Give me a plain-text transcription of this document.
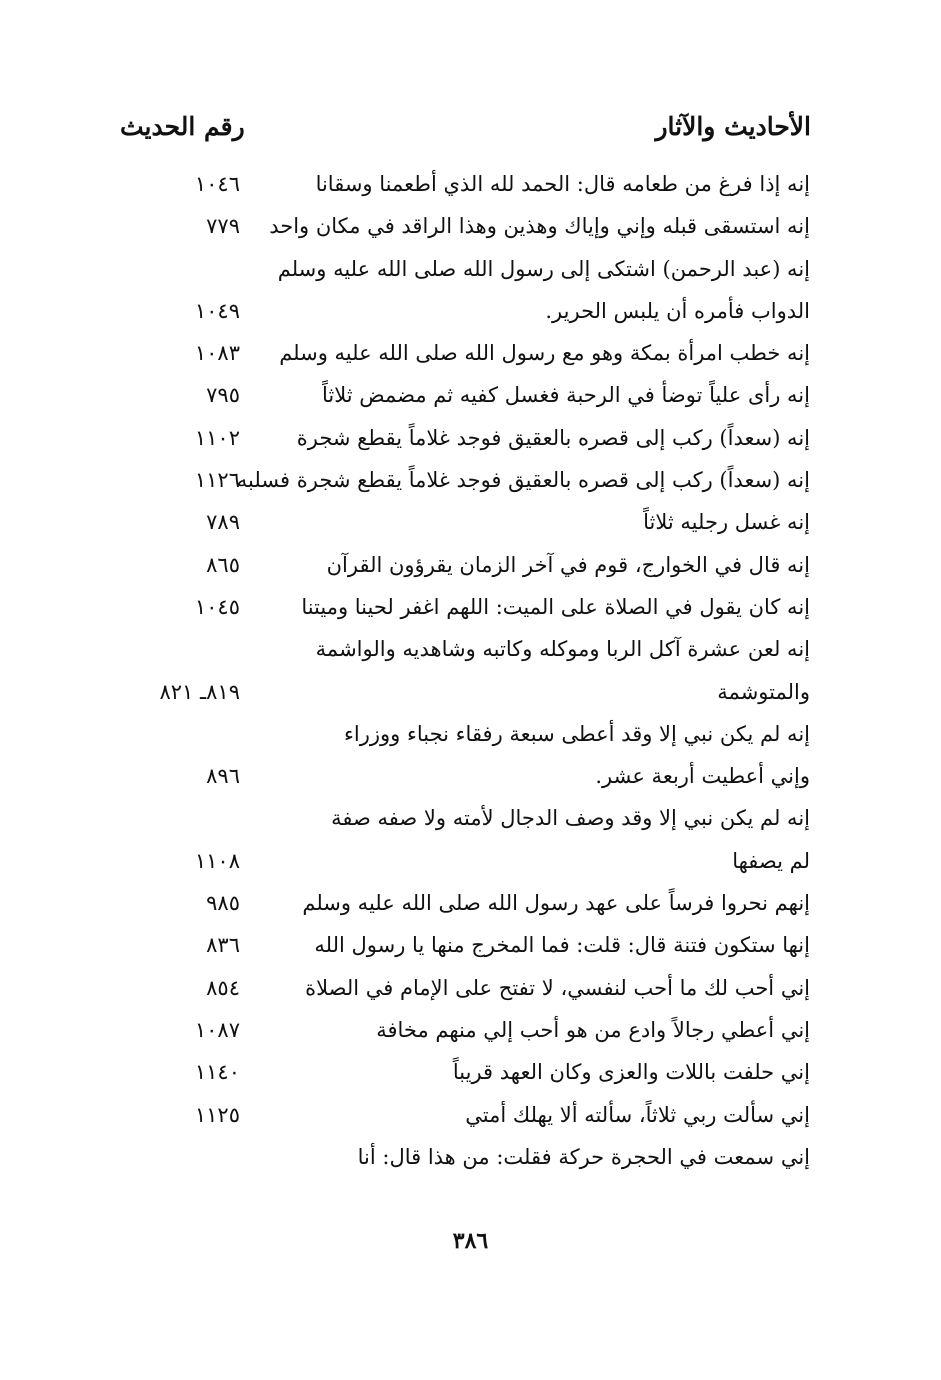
الأحاديث والآثار
رقم الحديث
إنه إذا فرغ من طعامه قال: الحمد لله الذي أطعمنا وسقانا
١٠٤٦
إنه استسقى قبله وإني وإياك وهذين وهذا الراقد في مكان واحد
٧٧٩
إنه (عبد الرحمن) اشتكى إلى رسول الله صلى الله عليه وسلم
الدواب فأمره أن يلبس الحرير.
١٠٤٩
إنه خطب امرأة بمكة وهو مع رسول الله صلى الله عليه وسلم
١٠٨٣
إنه رأى علياً توضأ في الرحبة فغسل كفيه ثم مضمض ثلاثاً
٧٩٥
إنه (سعداً) ركب إلى قصره بالعقيق فوجد غلاماً يقطع شجرة
١١٠٢
إنه (سعداً) ركب إلى قصره بالعقيق فوجد غلاماً يقطع شجرة فسلبه
١١٢٦
إنه غسل رجليه ثلاثاً
٧٨٩
إنه قال في الخوارج، قوم في آخر الزمان يقرؤون القرآن
٨٦٥
إنه كان يقول في الصلاة على الميت: اللهم اغفر لحينا وميتنا
١٠٤٥
إنه لعن عشرة آكل الربا وموكله وكاتبه وشاهديه والواشمة
والمتوشمة
٨١٩ـ ٨٢١
إنه لم يكن نبي إلا وقد أعطى سبعة رفقاء نجباء ووزراء
وإني أعطيت أربعة عشر.
٨٩٦
إنه لم يكن نبي إلا وقد وصف الدجال لأمته ولا صفه صفة
لم يصفها
١١٠٨
إنهم نحروا فرساً على عهد رسول الله صلى الله عليه وسلم
٩٨٥
إنها ستكون فتنة قال: قلت: فما المخرج منها يا رسول الله
٨٣٦
إني أحب لك ما أحب لنفسي، لا تفتح على الإمام في الصلاة
٨٥٤
إني أعطي رجالاً وادع من هو أحب إلي منهم مخافة
١٠٨٧
إني حلفت باللات والعزى وكان العهد قريباً
١١٤٠
إني سألت ربي ثلاثاً، سألته ألا يهلك أمتي
١١٢٥
إني سمعت في الحجرة حركة فقلت: من هذا قال: أنا
٣٨٦
